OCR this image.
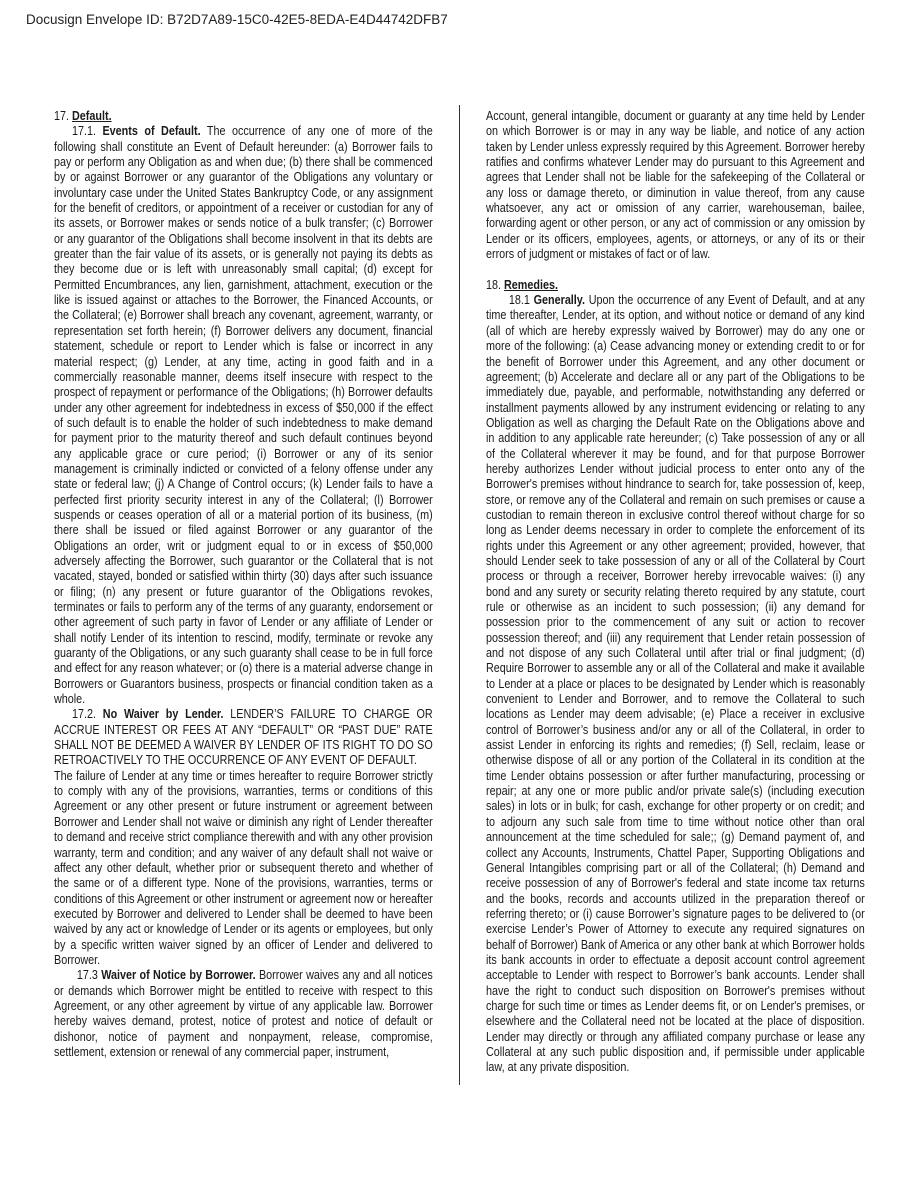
Docusign Envelope ID: B72D7A89-15C0-42E5-8EDA-E4D44742DFB7

17. Default.

17.1. Events of Default. The occurrence of any one of more of the following shall constitute an Event of Default hereunder: (a) Borrower fails to pay or perform any Obligation as and when due; (b) there shall be commenced by or against Borrower or any guarantor of the Obligations any voluntary or involuntary case under the United States Bankruptcy Code, or any assignment for the benefit of creditors, or appointment of a receiver or custodian for any of its assets, or Borrower makes or sends notice of a bulk transfer; (c) Borrower or any guarantor of the Obligations shall become insolvent in that its debts are greater than the fair value of its assets, or is generally not paying its debts as they become due or is left with unreasonably small capital; (d) except for Permitted Encumbrances, any lien, garnishment, attachment, execution or the like is issued against or attaches to the Borrower, the Financed Accounts, or the Collateral; (e) Borrower shall breach any covenant, agreement, warranty, or representation set forth herein; (f) Borrower delivers any document, financial statement, schedule or report to Lender which is false or incorrect in any material respect; (g) Lender, at any time, acting in good faith and in a commercially reasonable manner, deems itself insecure with respect to the prospect of repayment or performance of the Obligations; (h) Borrower defaults under any other agreement for indebtedness in excess of $50,000 if the effect of such default is to enable the holder of such indebtedness to make demand for payment prior to the maturity thereof and such default continues beyond any applicable grace or cure period; (i) Borrower or any of its senior management is criminally indicted or convicted of a felony offense under any state or federal law; (j) A Change of Control occurs; (k) Lender fails to have a perfected first priority security interest in any of the Collateral; (l) Borrower suspends or ceases operation of all or a material portion of its business, (m) there shall be issued or filed against Borrower or any guarantor of the Obligations an order, writ or judgment equal to or in excess of $50,000 adversely affecting the Borrower, such guarantor or the Collateral that is not vacated, stayed, bonded or satisfied within thirty (30) days after such issuance or filing; (n) any present or future guarantor of the Obligations revokes, terminates or fails to perform any of the terms of any guaranty, endorsement or other agreement of such party in favor of Lender or any affiliate of Lender or shall notify Lender of its intention to rescind, modify, terminate or revoke any guaranty of the Obligations, or any such guaranty shall cease to be in full force and effect for any reason whatever; or (o) there is a material adverse change in Borrowers or Guarantors business, prospects or financial condition taken as a whole.

17.2. No Waiver by Lender. LENDER’S FAILURE TO CHARGE OR ACCRUE INTEREST OR FEES AT ANY “DEFAULT” OR “PAST DUE” RATE SHALL NOT BE DEEMED A WAIVER BY LENDER OF ITS RIGHT TO DO SO RETROACTIVELY TO THE OCCURRENCE OF ANY EVENT OF DEFAULT.

The failure of Lender at any time or times hereafter to require Borrower strictly to comply with any of the provisions, warranties, terms or conditions of this Agreement or any other present or future instrument or agreement between Borrower and Lender shall not waive or diminish any right of Lender thereafter to demand and receive strict compliance therewith and with any other provision warranty, term and condition; and any waiver of any default shall not waive or affect any other default, whether prior or subsequent thereto and whether of the same or of a different type. None of the provisions, warranties, terms or conditions of this Agreement or other instrument or agreement now or hereafter executed by Borrower and delivered to Lender shall be deemed to have been waived by any act or knowledge of Lender or its agents or employees, but only by a specific written waiver signed by an officer of Lender and delivered to Borrower.

17.3 Waiver of Notice by Borrower. Borrower waives any and all notices or demands which Borrower might be entitled to receive with respect to this Agreement, or any other agreement by virtue of any applicable law. Borrower hereby waives demand, protest, notice of protest and notice of default or dishonor, notice of payment and nonpayment, release, compromise, settlement, extension or renewal of any commercial paper, instrument,

Account, general intangible, document or guaranty at any time held by Lender on which Borrower is or may in any way be liable, and notice of any action taken by Lender unless expressly required by this Agreement. Borrower hereby ratifies and confirms whatever Lender may do pursuant to this Agreement and agrees that Lender shall not be liable for the safekeeping of the Collateral or any loss or damage thereto, or diminution in value thereof, from any cause whatsoever, any act or omission of any carrier, warehouseman, bailee, forwarding agent or other person, or any act of commission or any omission by Lender or its officers, employees, agents, or attorneys, or any of its or their errors of judgment or mistakes of fact or of law.

18. Remedies.

18.1 Generally. Upon the occurrence of any Event of Default, and at any time thereafter, Lender, at its option, and without notice or demand of any kind (all of which are hereby expressly waived by Borrower) may do any one or more of the following: (a) Cease advancing money or extending credit to or for the benefit of Borrower under this Agreement, and any other document or agreement; (b) Accelerate and declare all or any part of the Obligations to be immediately due, payable, and performable, notwithstanding any deferred or installment payments allowed by any instrument evidencing or relating to any Obligation as well as charging the Default Rate on the Obligations above and in addition to any applicable rate hereunder; (c) Take possession of any or all of the Collateral wherever it may be found, and for that purpose Borrower hereby authorizes Lender without judicial process to enter onto any of the Borrower's premises without hindrance to search for, take possession of, keep, store, or remove any of the Collateral and remain on such premises or cause a custodian to remain thereon in exclusive control thereof without charge for so long as Lender deems necessary in order to complete the enforcement of its rights under this Agreement or any other agreement; provided, however, that should Lender seek to take possession of any or all of the Collateral by Court process or through a receiver, Borrower hereby irrevocable waives: (i) any bond and any surety or security relating thereto required by any statute, court rule or otherwise as an incident to such possession; (ii) any demand for possession prior to the commencement of any suit or action to recover possession thereof; and (iii) any requirement that Lender retain possession of and not dispose of any such Collateral until after trial or final judgment; (d) Require Borrower to assemble any or all of the Collateral and make it available to Lender at a place or places to be designated by Lender which is reasonably convenient to Lender and Borrower, and to remove the Collateral to such locations as Lender may deem advisable; (e) Place a receiver in exclusive control of Borrower’s business and/or any or all of the Collateral, in order to assist Lender in enforcing its rights and remedies; (f) Sell, reclaim, lease or otherwise dispose of all or any portion of the Collateral in its condition at the time Lender obtains possession or after further manufacturing, processing or repair; at any one or more public and/or private sale(s) (including execution sales) in lots or in bulk; for cash, exchange for other property or on credit; and to adjourn any such sale from time to time without notice other than oral announcement at the time scheduled for sale;; (g) Demand payment of, and collect any Accounts, Instruments, Chattel Paper, Supporting Obligations and General Intangibles comprising part or all of the Collateral; (h) Demand and receive possession of any of Borrower's federal and state income tax returns and the books, records and accounts utilized in the preparation thereof or referring thereto; or (i) cause Borrower’s signature pages to be delivered to (or exercise Lender’s Power of Attorney to execute any required signatures on behalf of Borrower) Bank of America or any other bank at which Borrower holds its bank accounts in order to effectuate a deposit account control agreement acceptable to Lender with respect to Borrower’s bank accounts. Lender shall have the right to conduct such disposition on Borrower's premises without charge for such time or times as Lender deems fit, or on Lender's premises, or elsewhere and the Collateral need not be located at the place of disposition. Lender may directly or through any affiliated company purchase or lease any Collateral at any such public disposition and, if permissible under applicable law, at any private disposition.
